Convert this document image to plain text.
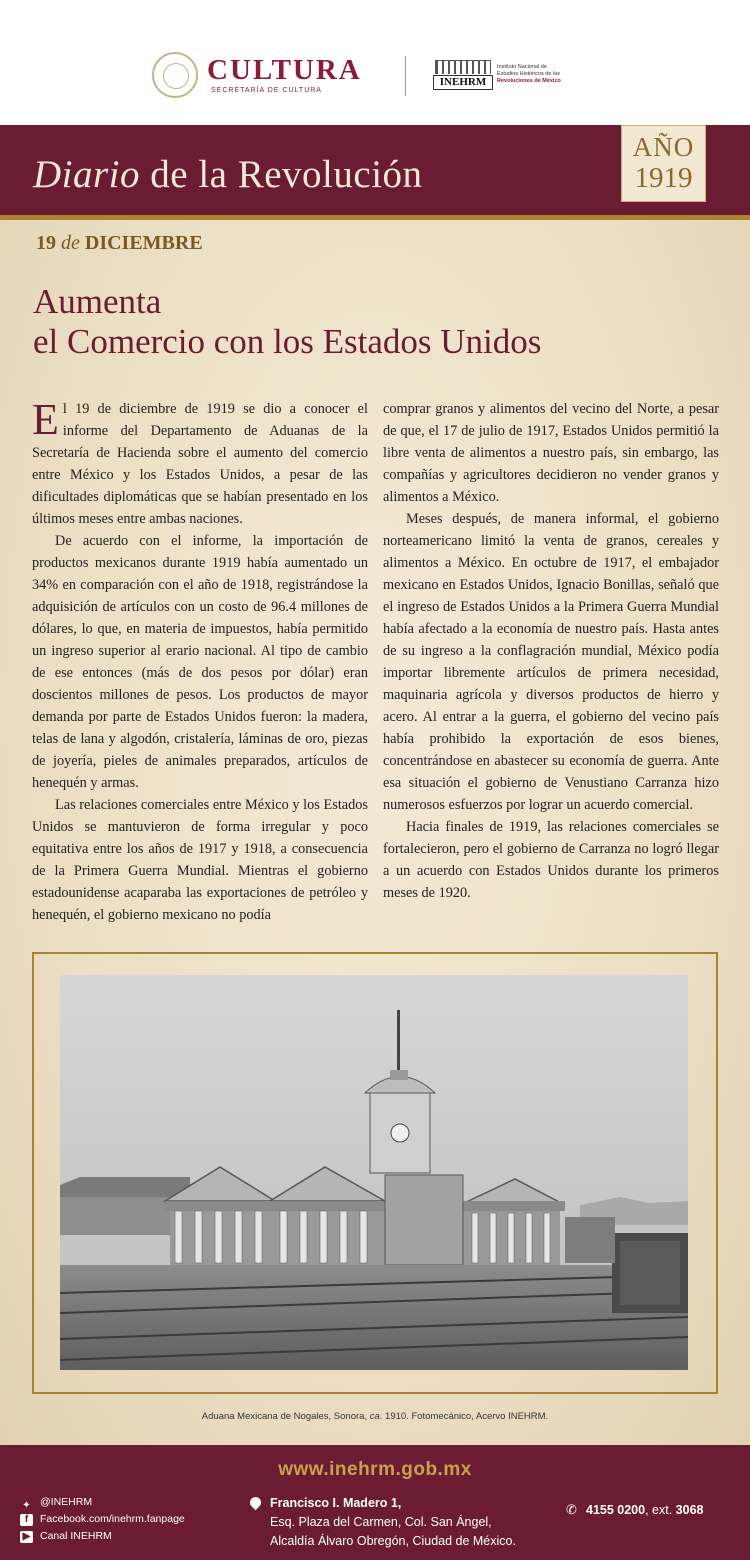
CULTURA
SECRETARÍA DE CULTURA
INEHRM
Instituto Nacional de
Estudios Históricos de las
Revoluciones de México
Diario de la Revolución
AÑO
1919
19 de DICIEMBRE
Aumenta
el Comercio con los Estados Unidos

El 19 de diciembre de 1919 se dio a conocer el informe del Departamento de Aduanas de la Secretaría de Hacienda sobre el aumento del comercio entre México y los Estados Unidos, a pesar de las dificultades diplomáticas que se habían presentado en los últimos meses entre ambas naciones.

De acuerdo con el informe, la importación de productos mexicanos durante 1919 había aumentado un 34% en comparación con el año de 1918, registrándose la adquisición de artículos con un costo de 96.4 millones de dólares, lo que, en materia de impuestos, había permitido un ingreso superior al erario nacional. Al tipo de cambio de ese entonces (más de dos pesos por dólar) eran doscientos millones de pesos. Los productos de mayor demanda por parte de Estados Unidos fueron: la madera, telas de lana y algodón, cristalería, láminas de oro, piezas de joyería, pieles de animales preparados, artículos de henequén y armas.

Las relaciones comerciales entre México y los Estados Unidos se mantuvieron de forma irregular y poco equitativa entre los años de 1917 y 1918, a consecuencia de la Primera Guerra Mundial. Mientras el gobierno estadounidense acaparaba las exportaciones de petróleo y henequén, el gobierno mexicano no podía

comprar granos y alimentos del vecino del Norte, a pesar de que, el 17 de julio de 1917, Estados Unidos permitió la libre venta de alimentos a nuestro país, sin embargo, las compañías y agricultores decidieron no vender granos y alimentos a México.

Meses después, de manera informal, el gobierno norteamericano limitó la venta de granos, cereales y alimentos a México. En octubre de 1917, el embajador mexicano en Estados Unidos, Ignacio Bonillas, señaló que el ingreso de Estados Unidos a la Primera Guerra Mundial había afectado a la economía de nuestro país. Hasta antes de su ingreso a la conflagración mundial, México podía importar libremente artículos de primera necesidad, maquinaria agrícola y diversos productos de hierro y acero. Al entrar a la guerra, el gobierno del vecino país había prohibido la exportación de esos bienes, concentrándose en abastecer su economía de guerra. Ante esa situación el gobierno de Venustiano Carranza hizo numerosos esfuerzos por lograr un acuerdo comercial.

Hacia finales de 1919, las relaciones comerciales se fortalecieron, pero el gobierno de Carranza no logró llegar a un acuerdo con Estados Unidos durante los primeros meses de 1920.

Aduana Mexicana de Nogales, Sonora, ca. 1910. Fotomecánico, Acervo INEHRM.
www.inehrm.gob.mx
✦ @INEHRM
f	Facebook.com/inehrm.fanpage
▶ Canal INEHRM
Francisco I. Madero 1,
Esq. Plaza del Carmen, Col. San Ángel,
Alcaldía Álvaro Obregón, Ciudad de México.
✆ 4155 0200, ext. 3068
